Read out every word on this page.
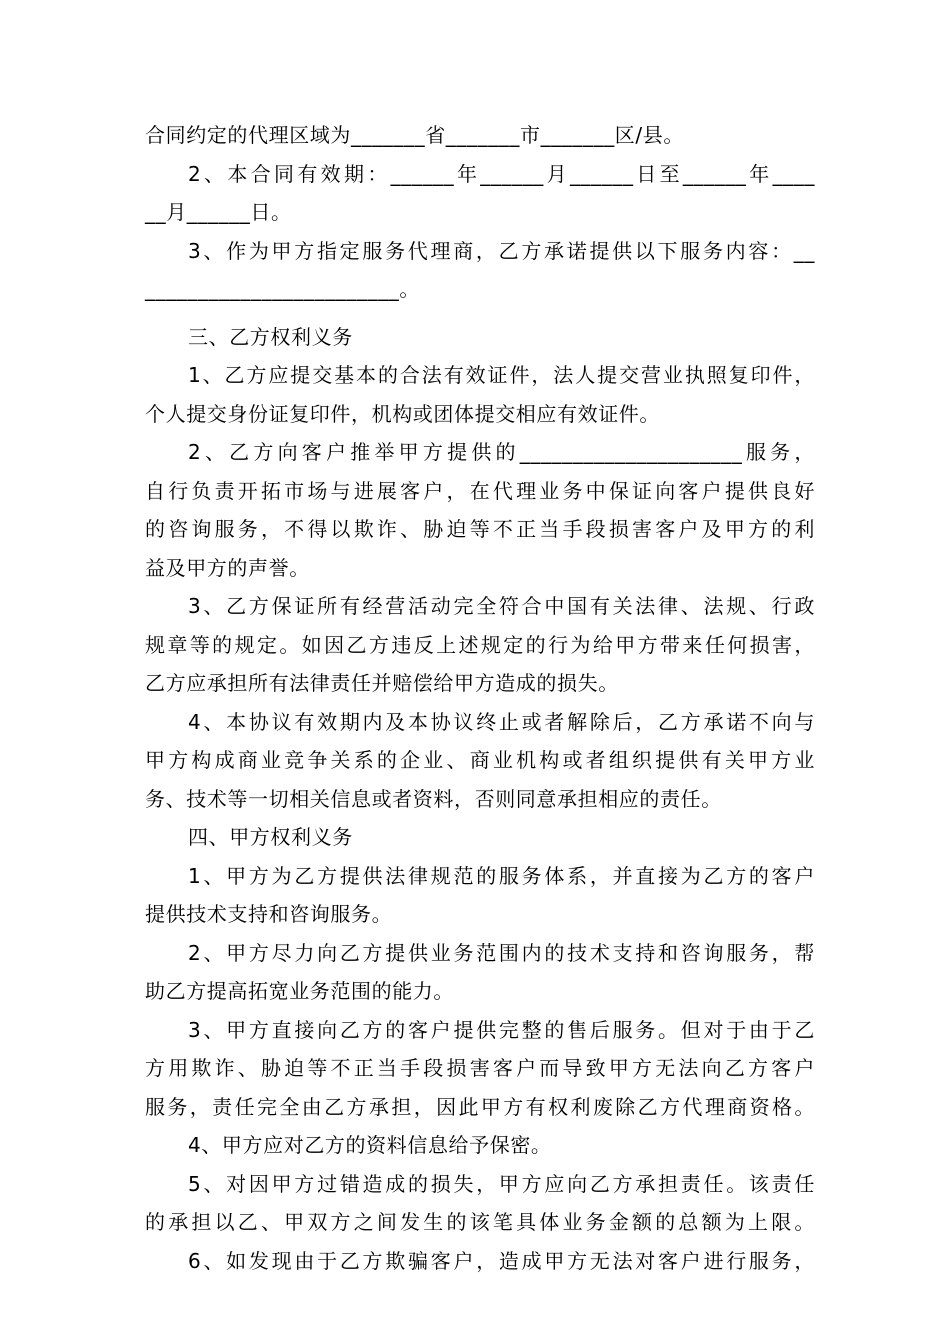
合同约定的代理区域为_______省_______市_______区/县。
2、本合同有效期：______年______月______日至______年____
__月______日。
3、作为甲方指定服务代理商，乙方承诺提供以下服务内容：__
________________________。
三、乙方权利义务
1、乙方应提交基本的合法有效证件，法人提交营业执照复印件，
个人提交身份证复印件，机构或团体提交相应有效证件。
2、乙方向客户推举甲方提供的_____________________服务，
自行负责开拓市场与进展客户，在代理业务中保证向客户提供良好
的咨询服务，不得以欺诈、胁迫等不正当手段损害客户及甲方的利
益及甲方的声誉。
3、乙方保证所有经营活动完全符合中国有关法律、法规、行政
规章等的规定。如因乙方违反上述规定的行为给甲方带来任何损害，
乙方应承担所有法律责任并赔偿给甲方造成的损失。
4、本协议有效期内及本协议终止或者解除后，乙方承诺不向与
甲方构成商业竞争关系的企业、商业机构或者组织提供有关甲方业
务、技术等一切相关信息或者资料，否则同意承担相应的责任。
四、甲方权利义务
1、甲方为乙方提供法律规范的服务体系，并直接为乙方的客户
提供技术支持和咨询服务。
2、甲方尽力向乙方提供业务范围内的技术支持和咨询服务，帮
助乙方提高拓宽业务范围的能力。
3、甲方直接向乙方的客户提供完整的售后服务。但对于由于乙
方用欺诈、胁迫等不正当手段损害客户而导致甲方无法向乙方客户
服务，责任完全由乙方承担，因此甲方有权利废除乙方代理商资格。
4、甲方应对乙方的资料信息给予保密。
5、对因甲方过错造成的损失，甲方应向乙方承担责任。该责任
的承担以乙、甲双方之间发生的该笔具体业务金额的总额为上限。
6、如发现由于乙方欺骗客户，造成甲方无法对客户进行服务，
